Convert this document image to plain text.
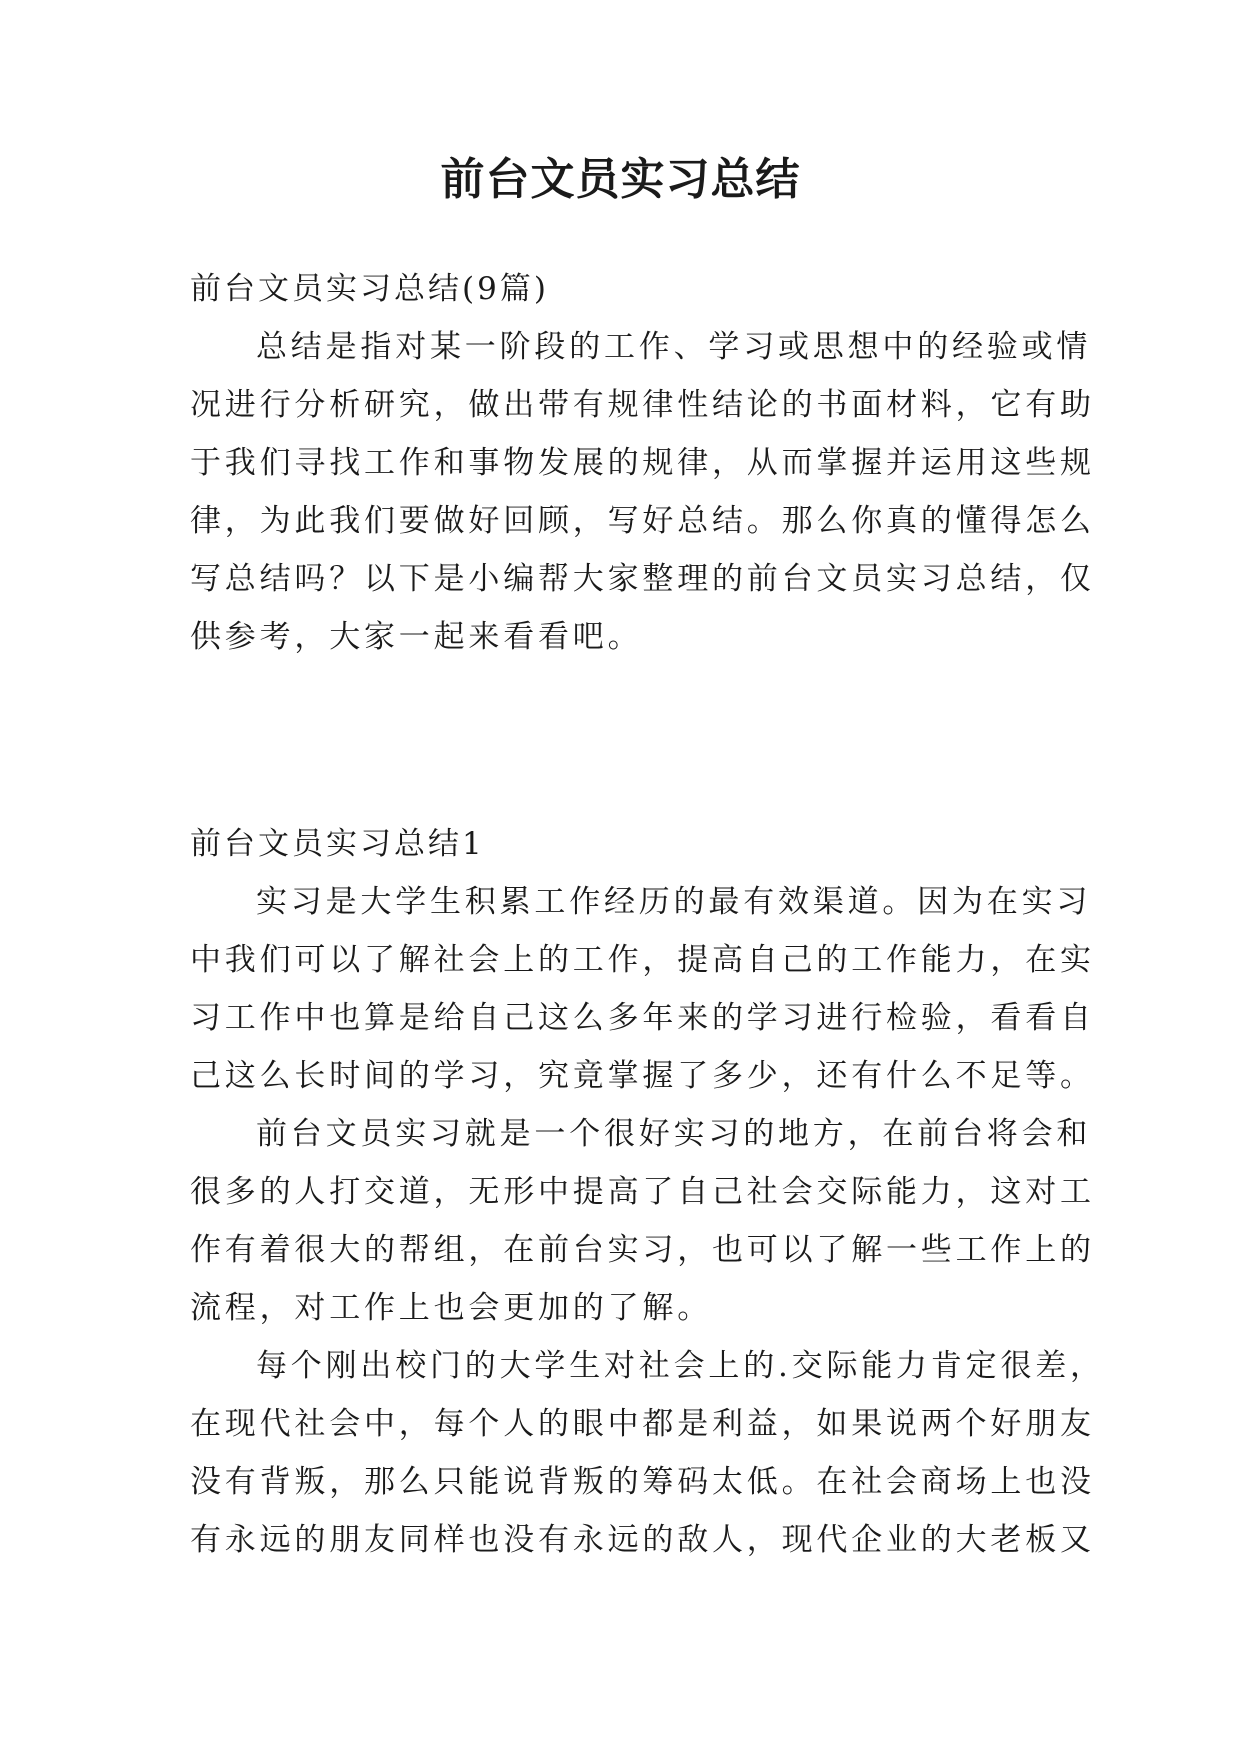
前台文员实习总结
前台文员实习总结(9篇)
总结是指对某一阶段的工作、学习或思想中的经验或情
况进行分析研究，做出带有规律性结论的书面材料，它有助
于我们寻找工作和事物发展的规律，从而掌握并运用这些规
律，为此我们要做好回顾，写好总结。那么你真的懂得怎么
写总结吗？以下是小编帮大家整理的前台文员实习总结，仅
供参考，大家一起来看看吧。
前台文员实习总结1
实习是大学生积累工作经历的最有效渠道。因为在实习
中我们可以了解社会上的工作，提高自己的工作能力，在实
习工作中也算是给自己这么多年来的学习进行检验，看看自
己这么长时间的学习，究竟掌握了多少，还有什么不足等。
前台文员实习就是一个很好实习的地方，在前台将会和
很多的人打交道，无形中提高了自己社会交际能力，这对工
作有着很大的帮组，在前台实习，也可以了解一些工作上的
流程，对工作上也会更加的了解。
每个刚出校门的大学生对社会上的.交际能力肯定很差，
在现代社会中，每个人的眼中都是利益，如果说两个好朋友
没有背叛，那么只能说背叛的筹码太低。在社会商场上也没
有永远的朋友同样也没有永远的敌人，现代企业的大老板又
